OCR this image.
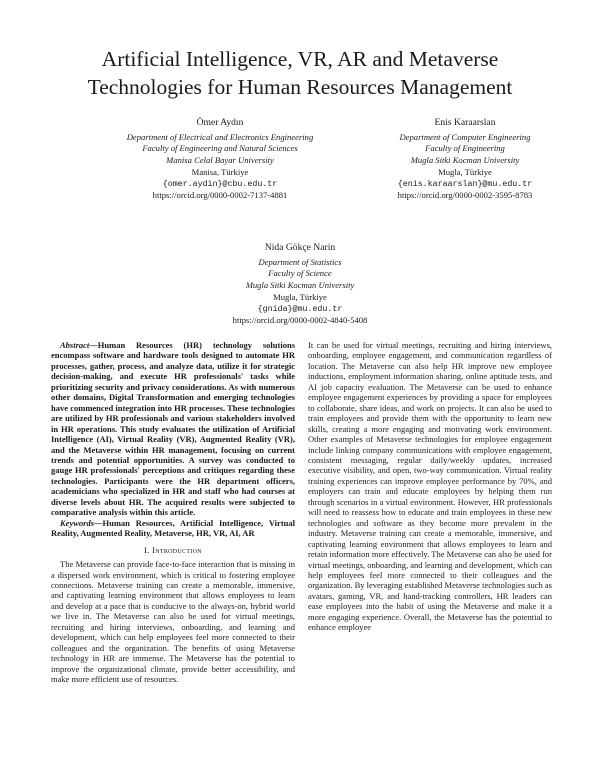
Artificial Intelligence, VR, AR and Metaverse
Technologies for Human Resources Management
Ömer Aydın
Department of Electrical and Electronics Engineering
Faculty of Engineering and Natural Sciences
Manisa Celal Bayar University
Manisa, Türkiye
{omer.aydin}@cbu.edu.tr
https://orcid.org/0000-0002-7137-4881
Enis Karaarslan
Department of Computer Engineering
Faculty of Engineering
Mugla Sitki Kocman University
Mugla, Türkiye
{enis.karaarslan}@mu.edu.tr
https://orcid.org/0000-0002-3595-8783
Nida Gökçe Narin
Department of Statistics
Faculty of Science
Mugla Sitki Kocman University
Mugla, Türkiye
{gnida}@mu.edu.tr
https://orcid.org/0000-0002-4840-5408

Abstract—Human Resources (HR) technology solutions encompass software and hardware tools designed to automate HR processes, gather, process, and analyze data, utilize it for strategic decision-making, and execute HR professionals' tasks while prioritizing security and privacy considerations. As with numerous other domains, Digital Transformation and emerging technologies have commenced integration into HR processes. These technologies are utilized by HR professionals and various stakeholders involved in HR operations. This study evaluates the utilization of Artificial Intelligence (AI), Virtual Reality (VR), Augmented Reality (VR), and the Metaverse within HR management, focusing on current trends and potential opportunities. A survey was conducted to gauge HR professionals' perceptions and critiques regarding these technologies. Participants were the HR department officers, academicians who specialized in HR and staff who had courses at diverse levels about HR. The acquired results were subjected to comparative analysis within this article.

Keywords—Human Resources, Artificial Intelligence, Virtual Reality, Augmented Reality, Metaverse, HR, VR, AI, AR

I. Introduction

The Metaverse can provide face-to-face interaction that is missing in a dispersed work environment, which is critical to fostering employee connections. Metaverse training can create a memorable, immersive, and captivating learning environment that allows employees to learn and develop at a pace that is conducive to the always-on, hybrid world we live in. The Metaverse can also be used for virtual meetings, recruiting and hiring interviews, onboarding, and learning and development, which can help employees feel more connected to their colleagues and the organization. The benefits of using Metaverse technology in HR are immense. The Metaverse has the potential to improve the organizational climate, provide better accessibility, and make more efficient use of resources.

It can be used for virtual meetings, recruiting and hiring interviews, onboarding, employee engagement, and communication regardless of location. The Metaverse can also help HR improve new employee inductions, employment information sharing, online aptitude tests, and AI job capacity evaluation. The Metaverse can be used to enhance employee engagement experiences by providing a space for employees to collaborate, share ideas, and work on projects. It can also be used to train employees and provide them with the opportunity to learn new skills, creating a more engaging and motivating work environment. Other examples of Metaverse technologies for employee engagement include linking company communications with employee engagement, consistent messaging, regular daily/weekly updates, increased executive visibility, and open, two-way communication. Virtual reality training experiences can improve employee performance by 70%, and employers can train and educate employees by helping them run through scenarios in a virtual environment. However, HR professionals will need to reassess how to educate and train employees in these new technologies and software as they become more prevalent in the industry. Metaverse training can create a memorable, immersive, and captivating learning environment that allows employees to learn and retain information more effectively. The Metaverse can also be used for virtual meetings, onboarding, and learning and development, which can help employees feel more connected to their colleagues and the organization. By leveraging established Metaverse technologies such as avatars, gaming, VR, and hand-tracking controllers, HR leaders can ease employees into the habit of using the Metaverse and make it a more engaging experience. Overall, the Metaverse has the potential to enhance employee
